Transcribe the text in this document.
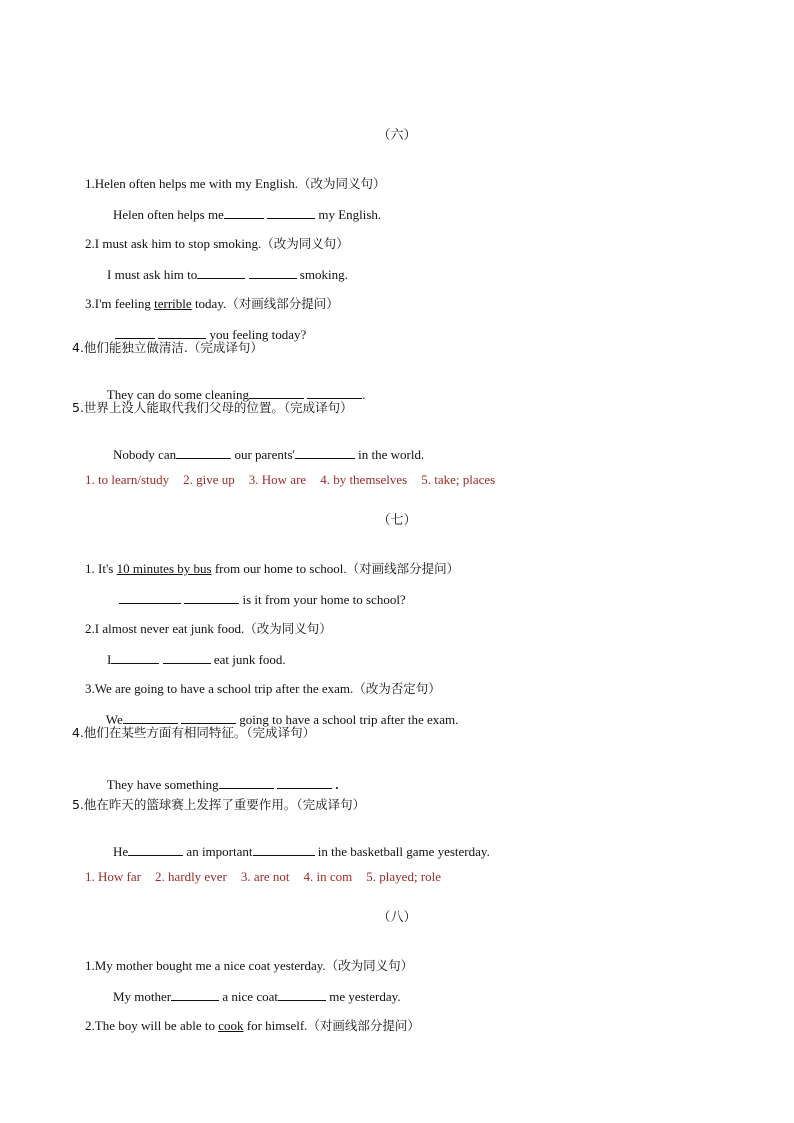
（六）

1.Helen often helps me with my English.（改为同义句）

Helen often helps me	my English.

2.I must ask him to stop smoking.（改为同义句）

I must ask him to	smoking.

3.I'm feeling terrible today.（对画线部分提问）

you feeling today?

4.他们能独立做清洁.（完成译句）

They can do some cleaning	.

5.世界上没人能取代我们父母的位置。（完成译句）

Nobody can	our parents'	in the world.

1. to learn/study 2. give up 3. How are 4. by themselves 5. take; places

（七）

1. It's 10 minutes by bus from our home to school.（对画线部分提问）

is it from your home to school?

2.I almost never eat junk food.（改为同义句）

I	eat junk food.

3.We are going to have a school trip after the exam.（改为否定句）

We	going to have a school trip after the exam.

4.他们在某些方面有相同特征。（完成译句）

They have something	.

5.他在昨天的篮球赛上发挥了重要作用。（完成译句）

He	an important	in the basketball game yesterday.

1. How far 2. hardly ever 3. are not 4. in com 5. played; role

（八）

1.My mother bought me a nice coat yesterday.（改为同义句）

My mother	a nice coat	me yesterday.

2.The boy will be able to cook for himself.（对画线部分提问）
